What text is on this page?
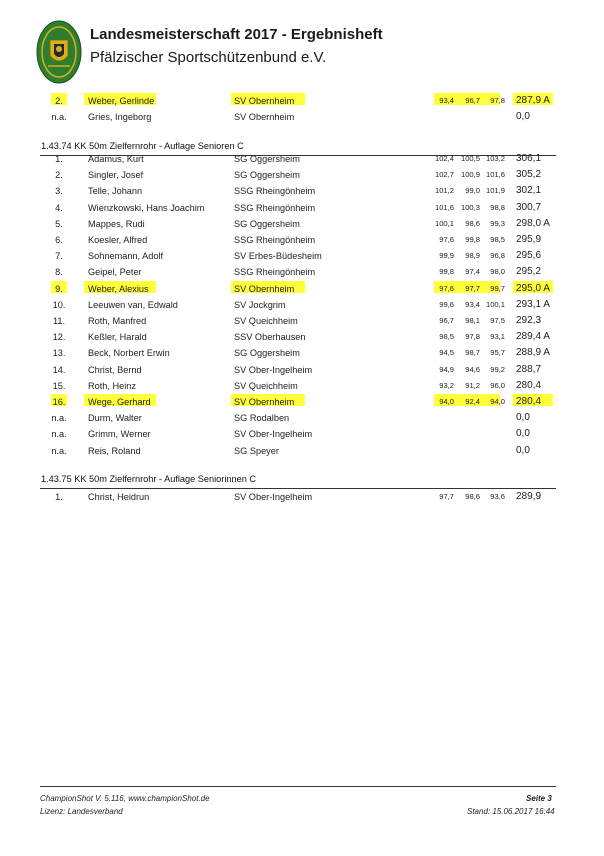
Landesmeisterschaft 2017 - Ergebnisheft
Pfälzischer Sportschützenbund e.V.
2.	Weber, Gerlinde	SV Obernheim	93,4	96,7	97,8 287,9 A
n.a.	Gries, Ingeborg	SV Obernheim	0,0
1.43.74 KK 50m Zielfernrohr - Auflage Senioren C
1.	Adamus, Kurt	SG Oggersheim	102,4 100,5 103,2 306,1
2.	Singler, Josef	SG Oggersheim	102,7 100,9 101,6 305,2
3.	Telle, Johann	SSG Rheingönheim	101,2	99,0 101,9 302,1
4.	Wienzkowski, Hans Joachim	SSG Rheingönheim	101,6 100,3	98,8 300,7
5.	Mappes, Rudi	SG Oggersheim	100,1	98,6	99,3 298,0 A
6.	Koesler, Alfred	SSG Rheingönheim	97,6	99,8	98,5 295,9
7.	Sohnemann, Adolf	SV Erbes-Büdesheim	99,9	98,9	96,8 295,6
8.	Geipel, Peter	SSG Rheingönheim	99,8	97,4	98,0 295,2
9.	Weber, Alexius	SV Obernheim	97,6	97,7	99,7 295,0 A
10.	Leeuwen van, Edwald	SV Jockgrim	99,6	93,4 100,1 293,1 A
11.	Roth, Manfred	SV Queichheim	96,7	98,1	97,5 292,3
12.	Keßler, Harald	SSV Oberhausen	98,5	97,8	93,1 289,4 A
13.	Beck, Norbert Erwin	SG Oggersheim	94,5	98,7	95,7 288,9 A
14.	Christ, Bernd	SV Ober-Ingelheim	94,9	94,6	99,2 288,7
15.	Roth, Heinz	SV Queichheim	93,2	91,2	96,0 280,4
16.	Wege, Gerhard	SV Obernheim	94,0	92,4	94,0 280,4
n.a.	Durm, Walter	SG Rodalben	0,0
n.a.	Grimm, Werner	SV Ober-Ingelheim	0,0
n.a.	Reis, Roland	SG Speyer	0,0
1.43.75 KK 50m Zielfernrohr - Auflage Seniorinnen C
1.	Christ, Heidrun	SV Ober-Ingelheim	97,7	98,6	93,6 289,9
ChampionShot V. 5.116, www.championShot.de
Lizenz: Landesverband
Seite 3
Stand: 15.06.2017 16:44
